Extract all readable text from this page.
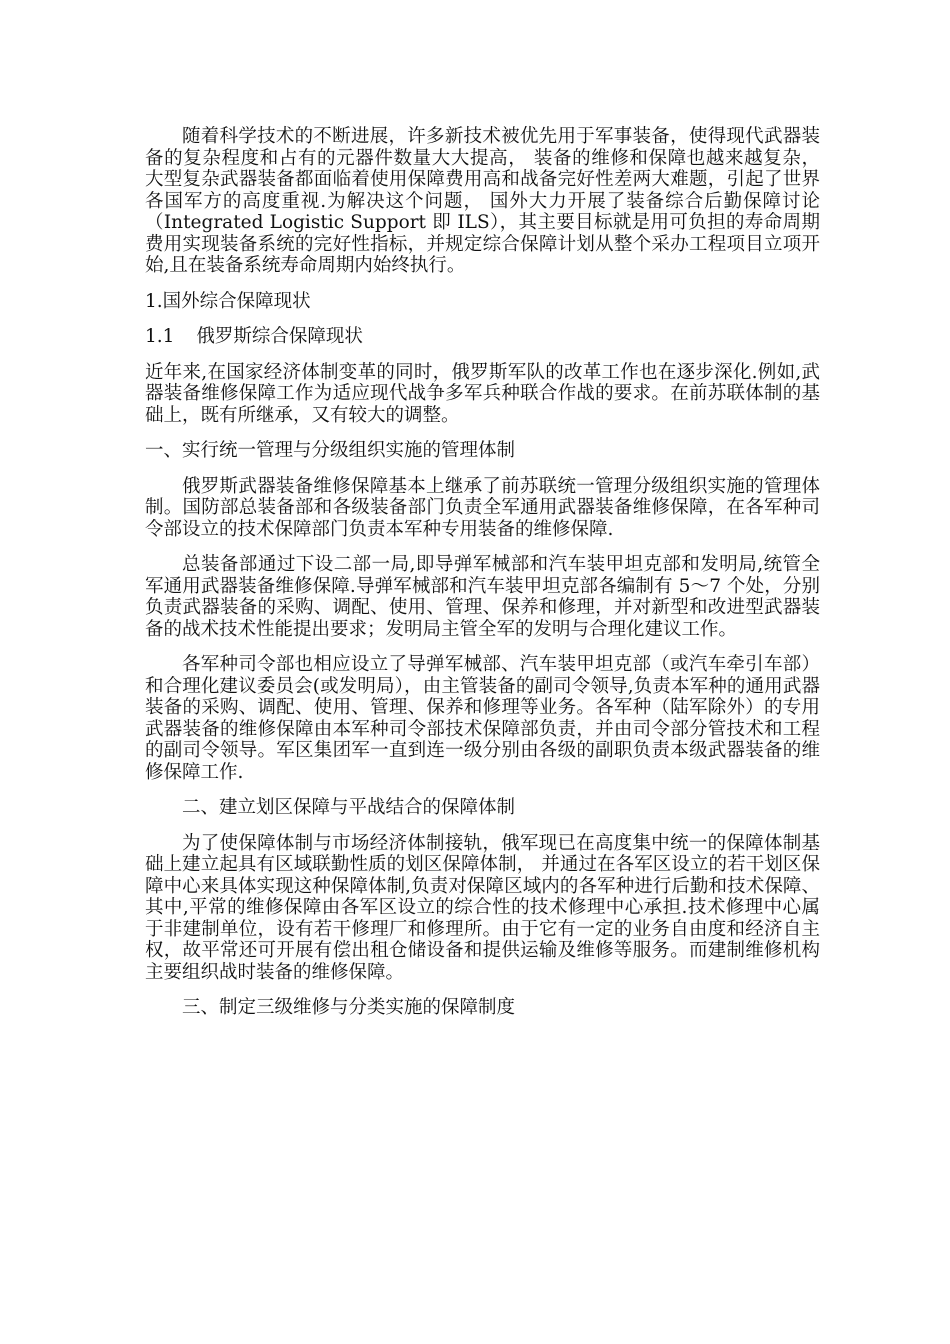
随着科学技术的不断进展，许多新技术被优先用于军事装备，使得现代武器装备的复杂程度和占有的元器件数量大大提高， 装备的维修和保障也越来越复杂， 大型复杂武器装备都面临着使用保障费用高和战备完好性差两大难题，引起了世界各国军方的高度重视.为解决这个问题， 国外大力开展了装备综合后勤保障讨论（Integrated Logistic Support 即 ILS），其主要目标就是用可负担的寿命周期费用实现装备系统的完好性指标，并规定综合保障计划从整个采办工程项目立项开始,且在装备系统寿命周期内始终执行。

1.国外综合保障现状
1.1 俄罗斯综合保障现状

近年来,在国家经济体制变革的同时，俄罗斯军队的改革工作也在逐步深化.例如,武器装备维修保障工作为适应现代战争多军兵种联合作战的要求。在前苏联体制的基础上，既有所继承，又有较大的调整。

一、实行统一管理与分级组织实施的管理体制

俄罗斯武器装备维修保障基本上继承了前苏联统一管理分级组织实施的管理体制。国防部总装备部和各级装备部门负责全军通用武器装备维修保障，在各军种司令部设立的技术保障部门负责本军种专用装备的维修保障.

总装备部通过下设二部一局,即导弹军械部和汽车装甲坦克部和发明局,统管全军通用武器装备维修保障.导弹军械部和汽车装甲坦克部各编制有 5～7 个处，分别负责武器装备的采购、调配、使用、管理、保养和修理，并对新型和改进型武器装备的战术技术性能提出要求；发明局主管全军的发明与合理化建议工作。

各军种司令部也相应设立了导弹军械部、汽车装甲坦克部（或汽车牵引车部）和合理化建议委员会(或发明局），由主管装备的副司令领导,负责本军种的通用武器装备的采购、调配、使用、管理、保养和修理等业务。各军种（陆军除外）的专用武器装备的维修保障由本军种司令部技术保障部负责，并由司令部分管技术和工程的副司令领导。军区集团军一直到连一级分别由各级的副职负责本级武器装备的维修保障工作.

二、建立划区保障与平战结合的保障体制

为了使保障体制与市场经济体制接轨，俄军现已在高度集中统一的保障体制基础上建立起具有区域联勤性质的划区保障体制， 并通过在各军区设立的若干划区保障中心来具体实现这种保障体制,负责对保障区域内的各军种进行后勤和技术保障、其中,平常的维修保障由各军区设立的综合性的技术修理中心承担.技术修理中心属于非建制单位，设有若干修理厂和修理所。由于它有一定的业务自由度和经济自主权，故平常还可开展有偿出租仓储设备和提供运输及维修等服务。而建制维修机构主要组织战时装备的维修保障。

三、制定三级维修与分类实施的保障制度
